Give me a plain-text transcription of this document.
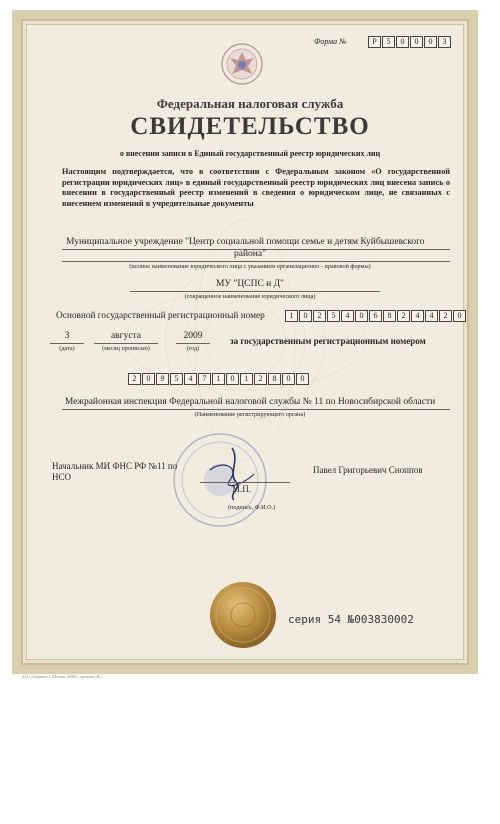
Форма №	Р	5	0	0	0	3
Федеральная налоговая служба
СВИДЕТЕЛЬСТВО
о внесении записи в Единый государственный реестр юридических лиц
Настоящим подтверждается, что в соответствии с Федеральным законом «О государственной регистрации юридических лиц» в единый государственный реестр юридических лиц внесена запись о внесении в государственный реестр изменений в сведения о юридическом лице, не связанных с внесением изменений в учредительные документы
Муниципальное учреждение "Центр социальной помощи семье и детям Куйбышевского
района"
(полное наименование юридического лица с указанием организационно - правовой формы)
МУ "ЦСПС и Д"
(сокращенное наименование юридического лица)
Основной государственный регистрационный номер	1	0	2	5	4	0	6	8	2	4	4	2	0
3
(дата)
августа
(месяц прописью)
2009
(год)
за государственным регистрационным номером
2	0	9	5	4	7	1	0	1	2	8	0	0
Межрайонная инспекция Федеральной налоговой службы № 11 по Новосибирской области
(Наименование регистрирующего органа)
Начальник МИ ФНС РФ №11 по
НСО
М.П.
(подпись, Ф.И.О.)
Павел Григорьевич Сноппов
серия 54 №003830002
ЗАО «Опцион» г. Москва, 2008 г., уровень «В»
